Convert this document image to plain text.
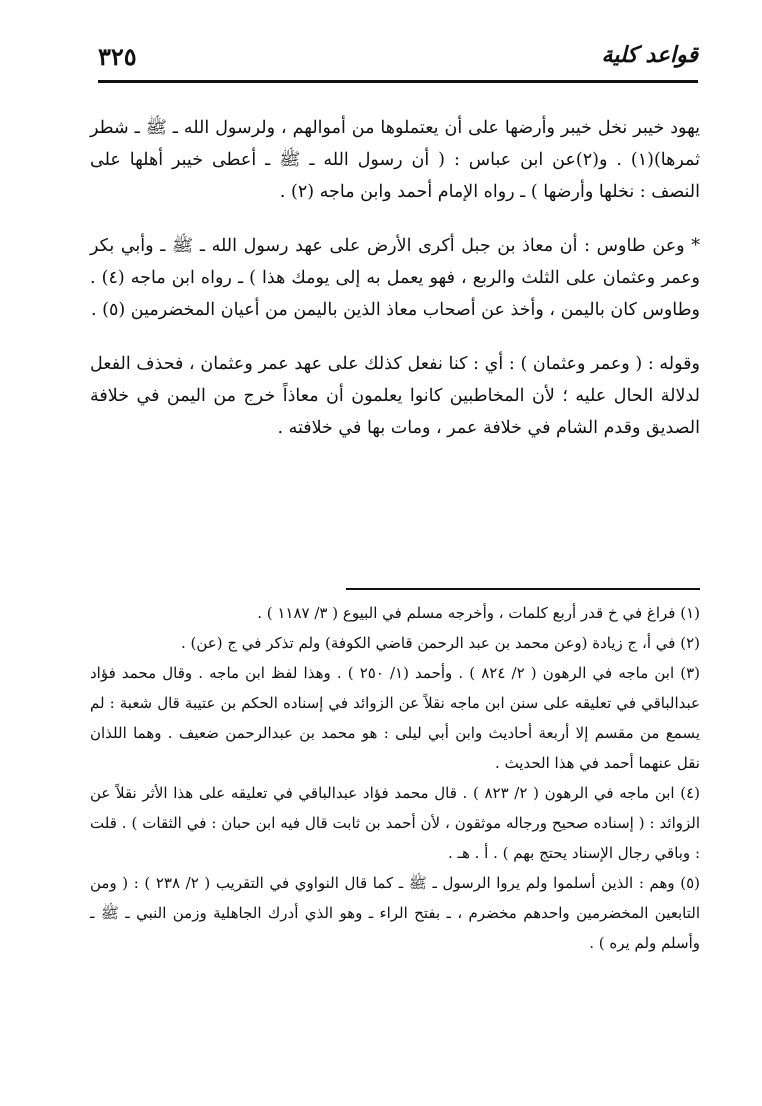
قواعد كلية
٣٢٥

يهود خيبر نخل خيبر وأرضها على أن يعتملوها من أموالهم ، ولرسول الله ـ ﷺ ـ شطر ثمرها)(١) . و(٢)عن ابن عباس : ( أن رسول الله ـ ﷺ ـ أعطى خيبر أهلها على النصف : نخلها وأرضها ) ـ رواه الإمام أحمد وابن ماجه (٢) .

* وعن طاوس : أن معاذ بن جبل أكرى الأرض على عهد رسول الله ـ ﷺ ـ وأبي بكر وعمر وعثمان على الثلث والربع ، فهو يعمل به إلى يومك هذا ) ـ رواه ابن ماجه (٤) . وطاوس كان باليمن ، وأخذ عن أصحاب معاذ الذين باليمن من أعيان المخضرمين (٥) .

وقوله : ( وعمر وعثمان ) : أي : كنا نفعل كذلك على عهد عمر وعثمان ، فحذف الفعل لدلالة الحال عليه ؛ لأن المخاطبين كانوا يعلمون أن معاذاً خرج من اليمن في خلافة الصديق وقدم الشام في خلافة عمر ، ومات بها في خلافته .

(١) فراغ في خ قدر أربع كلمات ، وأخرجه مسلم في البيوع ( ٣/ ١١٨٧ ) .

(٢) في أ، ج زيادة (وعن محمد بن عبد الرحمن قاضي الكوفة) ولم تذكر في ج (عن) .

(٣) ابن ماجه في الرهون ( ٢/ ٨٢٤ ) . وأحمد (١/ ٢٥٠ ) . وهذا لفظ ابن ماجه . وقال محمد فؤاد عبدالباقي في تعليقه على سنن ابن ماجه نقلاً عن الزوائد في إسناده الحكم بن عتيبة قال شعبة : لم يسمع من مقسم إلا أربعة أحاديث وابن أبي ليلى : هو محمد بن عبدالرحمن ضعيف . وهما اللذان نقل عنهما أحمد في هذا الحديث .

(٤) ابن ماجه في الرهون ( ٢/ ٨٢٣ ) . قال محمد فؤاد عبدالباقي في تعليقه على هذا الأثر نقلاً عن الزوائد : ( إسناده صحيح ورجاله موثقون ، لأن أحمد بن ثابت قال فيه ابن حبان : في الثقات ) . قلت : وباقي رجال الإسناد يحتج بهم ) . أ . هـ .

(٥) وهم : الذين أسلموا ولم يروا الرسول ـ ﷺ ـ كما قال النواوي في التقريب ( ٢/ ٢٣٨ ) : ( ومن التابعين المخضرمين واحدهم مخضرم ، ـ بفتح الراء ـ وهو الذي أدرك الجاهلية وزمن النبي ـ ﷺ ـ وأسلم ولم يره ) .
